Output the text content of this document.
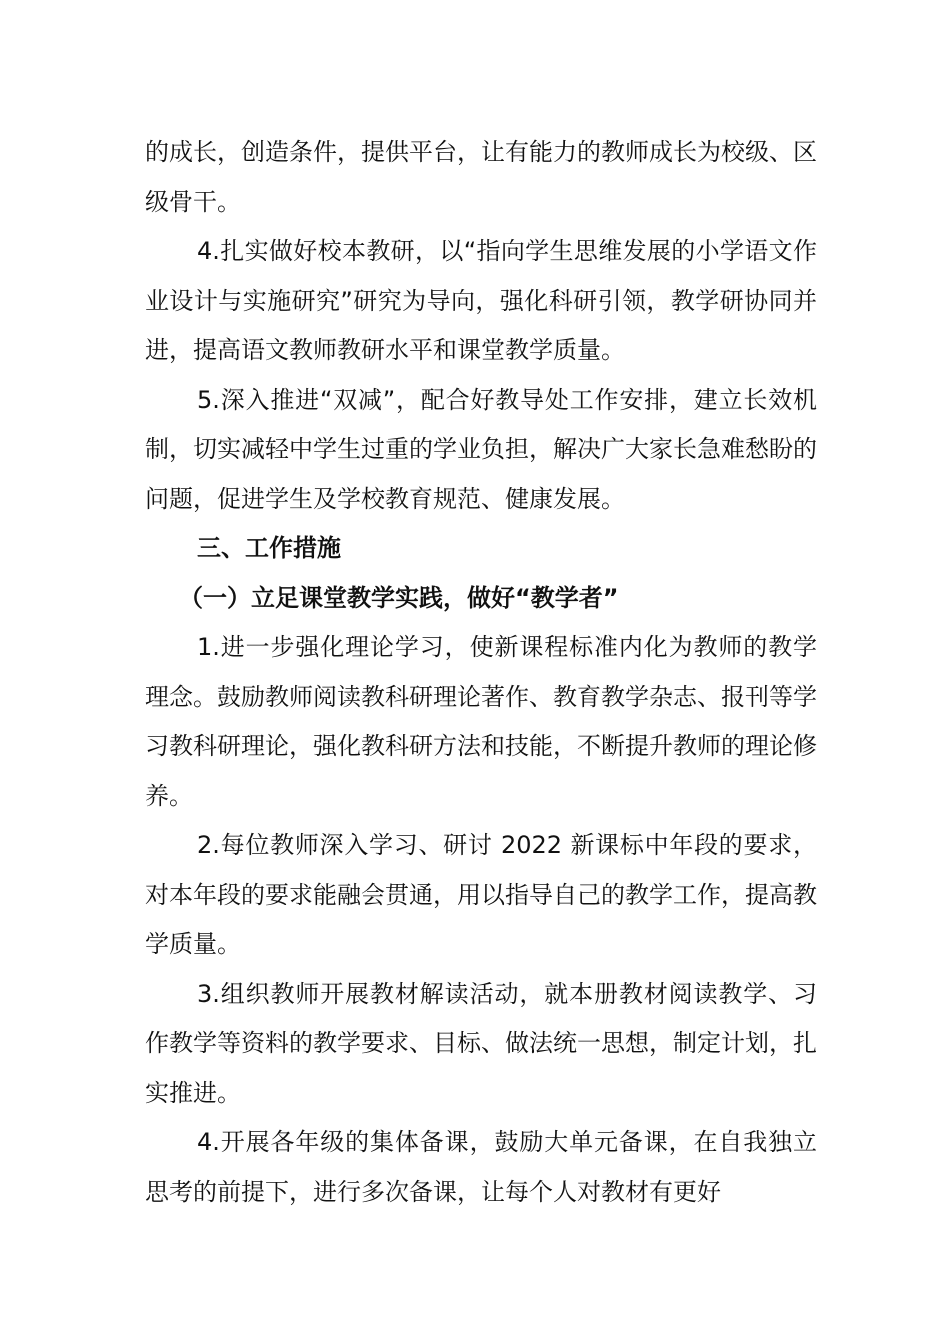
的成长，创造条件，提供平台，让有能力的教师成长为校级、区级骨干。

4.扎实做好校本教研，以“指向学生思维发展的小学语文作业设计与实施研究”研究为导向，强化科研引领，教学研协同并进，提高语文教师教研水平和课堂教学质量。

5.深入推进“双减”，配合好教导处工作安排，建立长效机制，切实减轻中学生过重的学业负担，解决广大家长急难愁盼的问题，促进学生及学校教育规范、健康发展。

三、工作措施

（一）立足课堂教学实践，做好“教学者”

1.进一步强化理论学习，使新课程标准内化为教师的教学理念。鼓励教师阅读教科研理论著作、教育教学杂志、报刊等学习教科研理论，强化教科研方法和技能，不断提升教师的理论修养。

2.每位教师深入学习、研讨 2022 新课标中年段的要求，对本年段的要求能融会贯通，用以指导自己的教学工作，提高教学质量。

3.组织教师开展教材解读活动，就本册教材阅读教学、习作教学等资料的教学要求、目标、做法统一思想，制定计划，扎实推进。

4.开展各年级的集体备课，鼓励大单元备课，在自我独立思考的前提下，进行多次备课，让每个人对教材有更好
